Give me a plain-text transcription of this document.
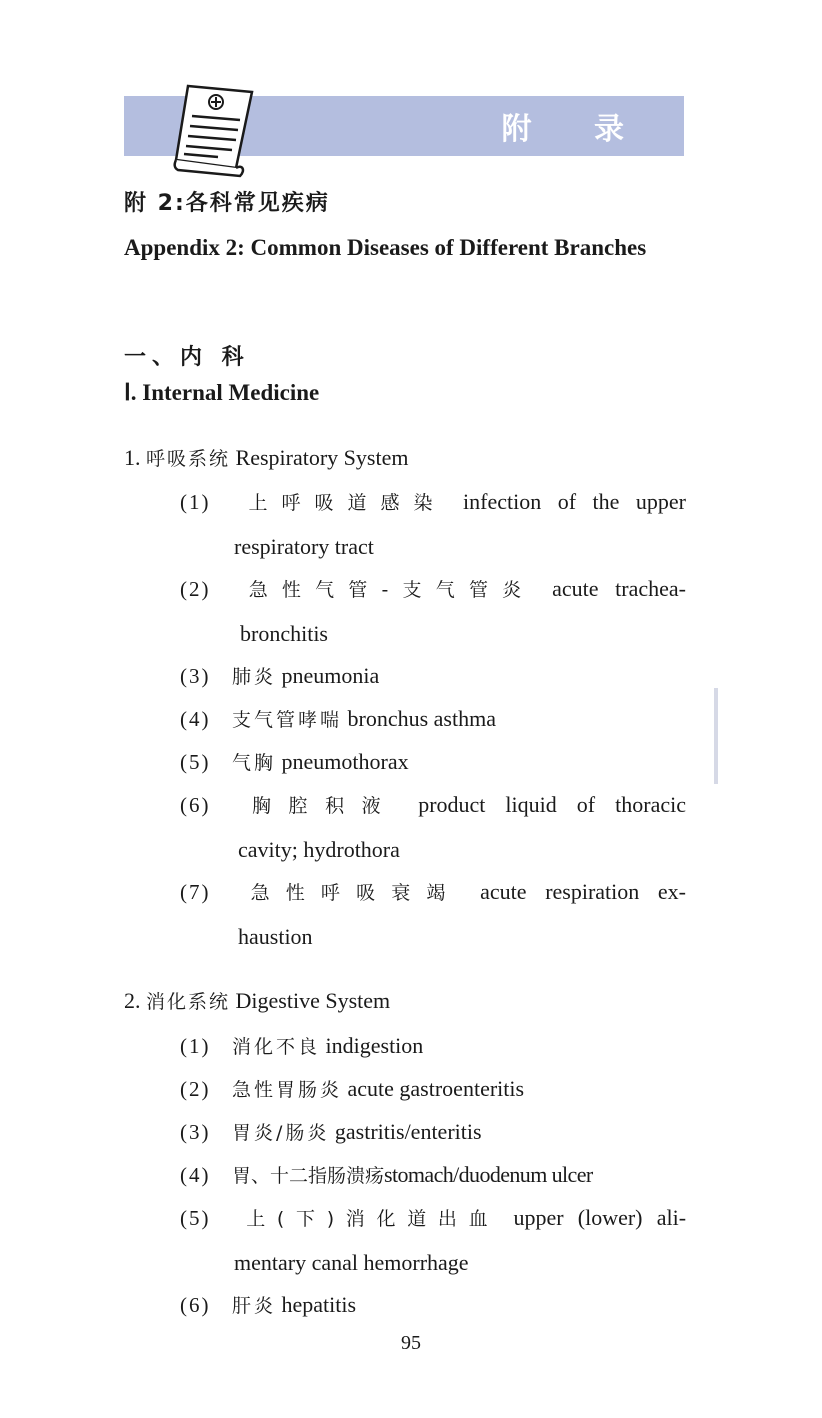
附 录

附 2:各科常见疾病

Appendix 2: Common Diseases of Different Branches

一、内 科

Ⅰ. Internal Medicine

1. 呼吸系统 Respiratory System

(1) 上呼吸道感染 infection of the upper
respiratory tract
(2) 急性气管-支气管炎 acute trachea-
bronchitis
(3) 肺炎 pneumonia
(4) 支气管哮喘 bronchus asthma
(5) 气胸 pneumothorax
(6) 胸腔积液 product liquid of thoracic
cavity; hydrothora
(7) 急性呼吸衰竭 acute respiration ex-
haustion

2. 消化系统 Digestive System

(1) 消化不良 indigestion
(2) 急性胃肠炎 acute gastroenteritis
(3) 胃炎/肠炎 gastritis/enteritis
(4) 胃、十二指肠溃疡stomach/duodenum ulcer
(5) 上(下)消化道出血 upper (lower) ali-
mentary canal hemorrhage
(6) 肝炎 hepatitis
95
